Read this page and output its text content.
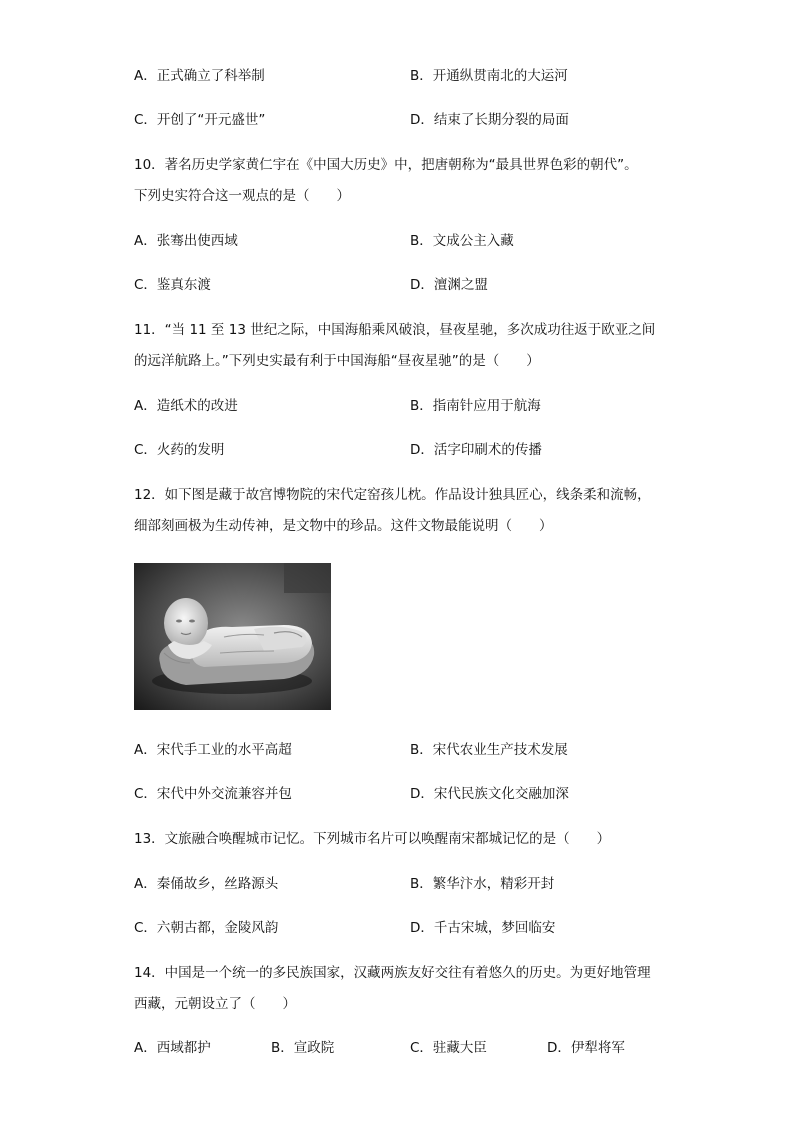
A．正式确立了科举制	B．开通纵贯南北的大运河
C．开创了“开元盛世”	D．结束了长期分裂的局面
10．著名历史学家黄仁宇在《中国大历史》中，把唐朝称为“最具世界色彩的朝代”。
下列史实符合这一观点的是（　　）
A．张骞出使西域	B．文成公主入藏
C．鉴真东渡	D．澶渊之盟
11．“当 11 至 13 世纪之际，中国海船乘风破浪，昼夜星驰，多次成功往返于欧亚之间
的远洋航路上。”下列史实最有利于中国海船“昼夜星驰”的是（　　）
A．造纸术的改进	B．指南针应用于航海
C．火药的发明	D．活字印刷术的传播
12．如下图是藏于故宫博物院的宋代定窑孩儿枕。作品设计独具匠心，线条柔和流畅，
细部刻画极为生动传神，是文物中的珍品。这件文物最能说明（　　）
A．宋代手工业的水平高超	B．宋代农业生产技术发展
C．宋代中外交流兼容并包	D．宋代民族文化交融加深
13．文旅融合唤醒城市记忆。下列城市名片可以唤醒南宋都城记忆的是（　　）
A．秦俑故乡，丝路源头	B．繁华汴水，精彩开封
C．六朝古都，金陵风韵	D．千古宋城，梦回临安
14．中国是一个统一的多民族国家，汉藏两族友好交往有着悠久的历史。为更好地管理
西藏，元朝设立了（　　）
A．西域都护	B．宣政院	C．驻藏大臣	D．伊犁将军
